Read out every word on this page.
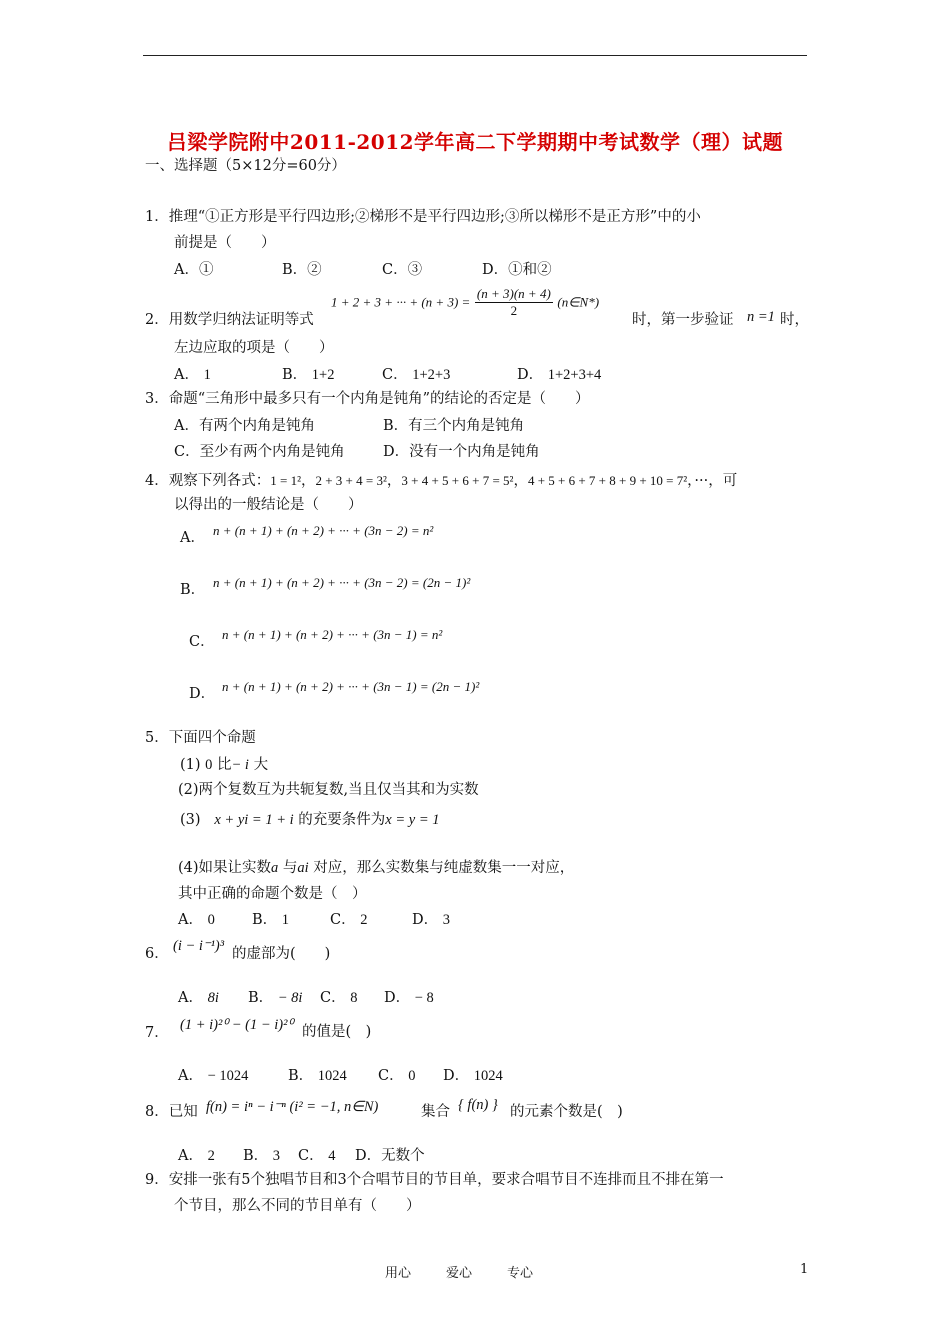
吕梁学院附中2011-2012学年高二下学期期中考试数学（理）试题
一、选择题（5×12分=60分）
1．推理“①正方形是平行四边形;②梯形不是平行四边形;③所以梯形不是正方形”中的小
前提是（　　）
A．①	B．②	C．③	D．①和②
2．用数学归纳法证明等式
1 + 2 + 3 + ··· + $(n + 3) = \frac{(n + 3)(n + 4)}{2}$ (n∈N*)
时，第一步验证 n =1 时，
左边应取的项是（　　）
A． 1	B． 1+2	C． 1+2+3	D． 1+2+3+4
3．命题“三角形中最多只有一个内角是钝角”的结论的否定是（　　）
A．有两个内角是钝角	B．有三个内角是钝角
C．至少有两个内角是钝角	D．没有一个内角是钝角
4．观察下列各式：1 = 1²，2 + 3 + 4 = 3²，3 + 4 + 5 + 6 + 7 = 5²，4 + 5 + 6 + 7 + 8 + 9 + 10 = 7²，···，可
以得出的一般结论是（　　）
A． n + (n + 1) + (n + 2) + ··· + (3n − 2) = n²
B． n + (n + 1) + (n + 2) + ··· + (3n − 2) = (2n − 1)²
C． n + (n + 1) + (n + 2) + ··· + (3n − 1) = n²
D． n + (n + 1) + (n + 2) + ··· + (3n − 1) = (2n − 1)²
5．下面四个命题
(1) 0 比− i 大
(2)两个复数互为共轭复数,当且仅当其和为实数
(3) x + yi = 1 + i 的充要条件为x = y = 1
(4)如果让实数a 与ai 对应，那么实数集与纯虚数集一一对应，
其中正确的命题个数是（　）
A． 0	B． 1	C． 2	D． 3
6． (i − i⁻¹)³ 的虚部为(　　)
A． 8i B． − 8i C． 8 D． − 8
7． (1 + i)²⁰ − (1 − i)²⁰ 的值是(　)
A． − 1024	B． 1024 C． 0 D． 1024
8．已知 f(n) = iⁿ − i⁻ⁿ (i² = −1, n∈N)	集合 { f(n) } 的元素个数是(　)
A． 2 B． 3 C． 4 D．无数个
9．安排一张有5个独唱节目和3个合唱节目的节目单，要求合唱节目不连排而且不排在第一
个节目，那么不同的节目单有（　　）
用心	爱心	专心	1
